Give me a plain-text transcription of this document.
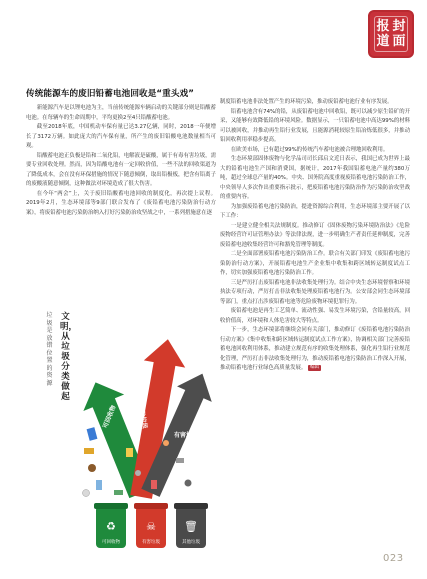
报 封
道 面
传统能源车的废旧铅蓄电池回收是“重头戏”

新能源汽车是以锂电池为主，当前传统能源车辆启动的关键部分则是铅酸蓄电池。在每辆车的生命周期中，平均更换2至4只铅酸蓄电池。

截至2018年底，中国机动车保有量已达3.27亿辆，同时，2018一年便增长了3172万辆。如此庞大的汽车保有量，所产生的废旧铅酸电池数量相当可观。

铅酸蓄电池正负极是铅和二氧化铅，电解液是硫酸，属于有毒有害垃圾，需要专业回收处理。然而，因为铅酸电池有一定回收价值，一些不法的回收渠道为了降低成本，会在没有环保措施的情况下随意倾倒，取出铅极板，把含有铅离子的废酸液随意倾倒，这种做法对环境造成了很大伤害。

在今年“两会”上，关于废旧铅酸蓄电池回收的制度化，再次提上议程。2019年2月，生态环境部等9部门联合发布了《废铅蓄电池污染防治行动方案》，将废铅蓄电池污染防治纳入打好污染防治攻坚战之中，一系列措施意在逐

垃圾是放错位置的资源
文明，从垃圾分类做起
可回收物	其他垃圾
有害垃圾
♻
可回收物
☠
有害垃圾
🗑
其他垃圾

制度铅蓄电池非法处置产生的环境污染，推动废铅蓄电池行业有序发展。

铅蓄电池含有74%的铅，从废铅蓄电池中回收铅，既可以减少原生铅矿的开采，又能够有效降低铅的环境风险。数据显示，一只铅蓄电池中高达99%的材料可以被回收，并推动再生铅行业发展，且能源消耗较原生铅冶炼低很多，并推动铅回收利用率稳步提高。

在欧美市场，已有超过99%的传统汽车蓄电池被合理地回收利用。

生态环境部固体废物与化学品司司长邱启文近日表示，我国已成为世界上最大的铅蓄电池生产国和消费国，据统计，2017年我国铅蓄电池产量约380万吨，超过全球总产量的40%。中央、国务院高度重视废铅蓄电池污染防治工作，中央领导人多次作出重要指示批示，把废铅蓄电池污染防治作为污染防治攻坚战的重要内容。

为加强废铅蓄电池污染防治，提进资源综合利用，生态环境部主要开展了以下工作：

一是建立健全相关法规制度。推动修订《固体废物污染环境防治法》《危险废物经营许可证管理办法》等法律法规，进一步明确生产者责任延伸制度，完善废铅蓄电池收集经营许可和豁免管理等制度。

二是全面部署废铅蓄电池污染防治工作。联合有关部门印发《废铅蓄电池污染防治行动方案》，开展铅蓄电池生产企业集中收集和跨区域转运制度试点工作，切实加强废铅蓄电池污染防治工作。

三是严厉打击废铅蓄电池非法收集处理行为。结合中央生态环境督察和环境执法专项行动，严厉打击非法收集处理废铅蓄电池行为。公安部会同生态环境部等部门，重点打击涉废铅蓄电池等危险废物环境犯罪行为。

废铅蓄电池是再生工艺简单、流动性强、易发生环境污染，含铅量较高，回收价值高，对环境和人体危害较大等特点。

下一步，生态环境部将继续会同有关部门，推动修订《废铅蓄电池污染防治行动方案》《集中收集和跨区域转运制度试点工作方案》，协调相关部门完善废铅蓄电池回收利用体系，推动建立规范有序的收集处理体系，强化再生铅行业规范化管理，严厉打击非法收集处理行为，推动废铅蓄电池污染防治工作深入开展，推动铅蓄电池行业绿色高质量发展。 编辑

023
